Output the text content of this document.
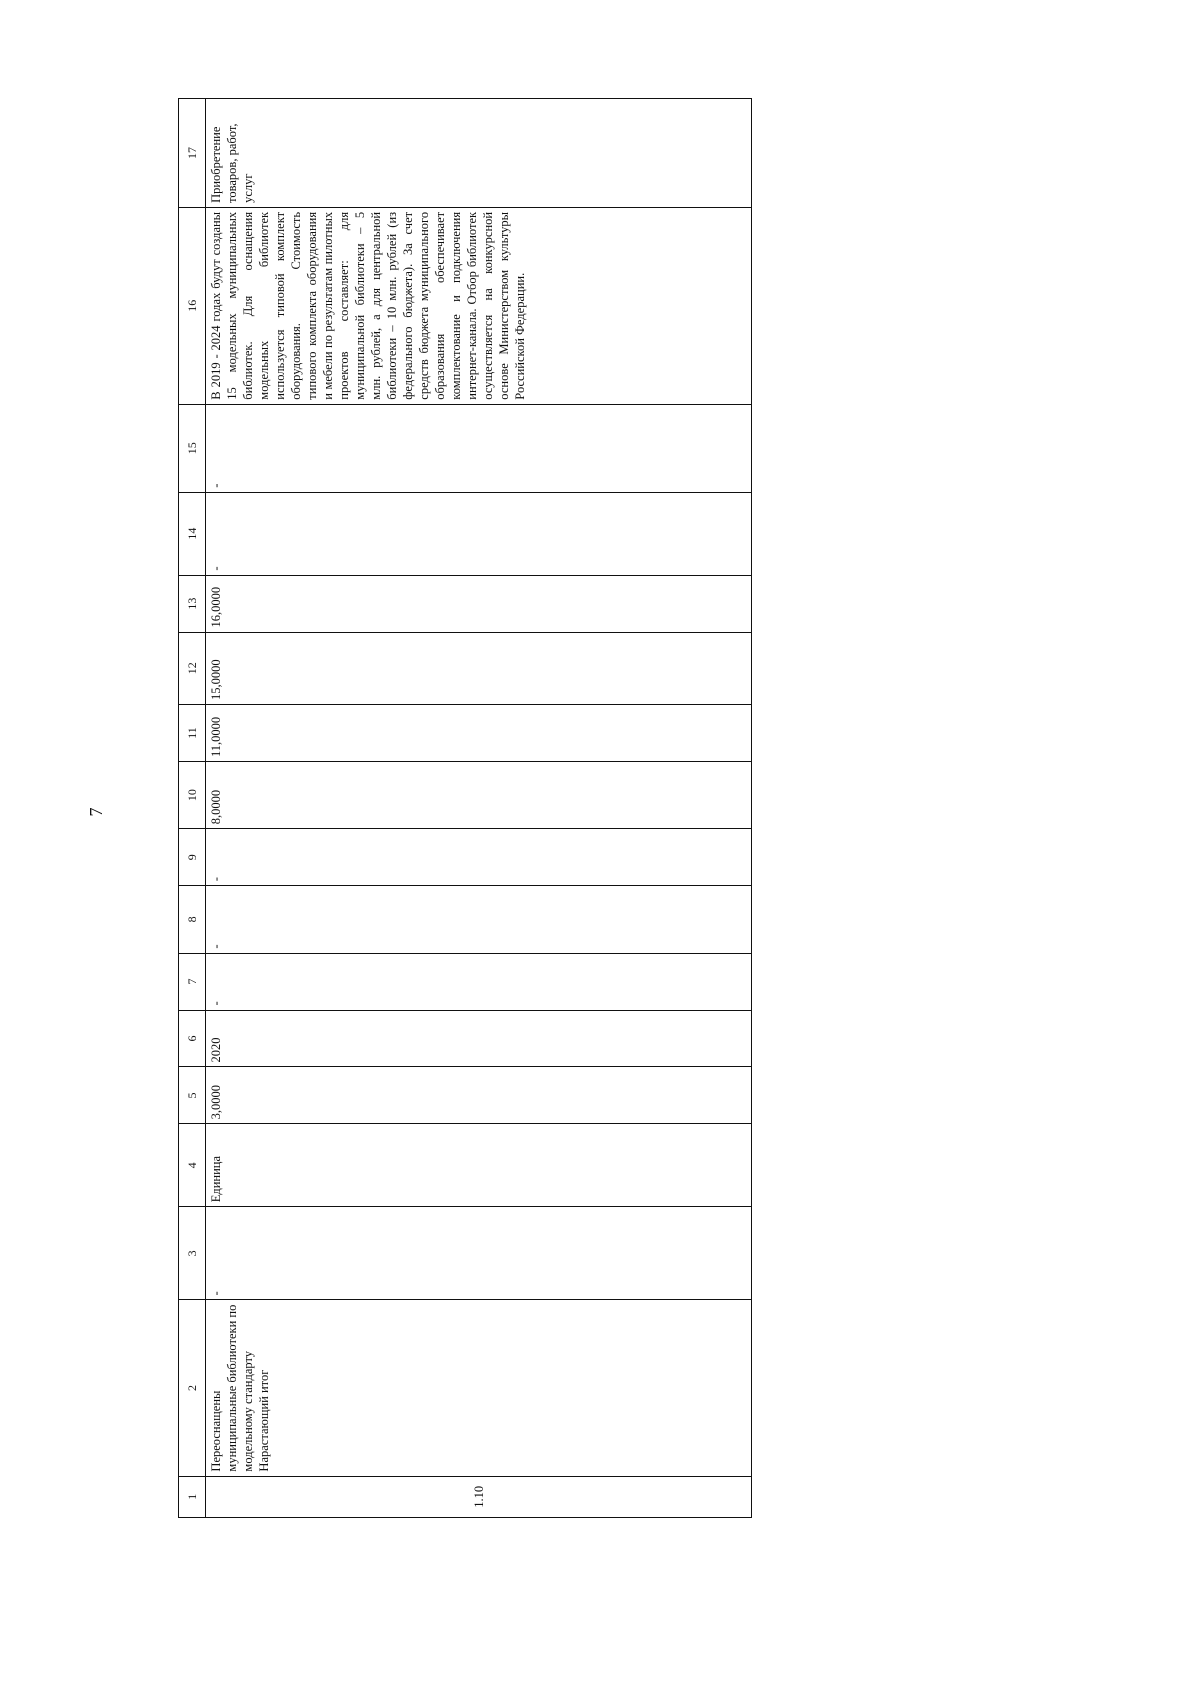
7
1	2	3	4	5	6	7	8	9	10	11	12	13	14	15	16	17
1.10	Переоснащены муниципальные библиотеки по модельному стандарту Нарастающий итог	-	Единица	3,0000	2020	-	-	-	8,0000	11,0000	15,0000	16,0000	-	-	В 2019 - 2024 годах будут созданы 15 модельных муниципальных библиотек. Для оснащения модельных библиотек используется типовой комплект оборудования. Стоимость типового комплекта оборудования и мебели по результатам пилотных проектов составляет: для муниципальной библиотеки – 5 млн. рублей, а для центральной библиотеки – 10 млн. рублей (из федерального бюджета). За счет средств бюджета муниципального образования обеспечивает комплектование и подключения интернет-канала. Отбор библиотек осуществляется на конкурсной основе Министерством культуры Российской Федерации.	Приобретение товаров, работ, услуг
